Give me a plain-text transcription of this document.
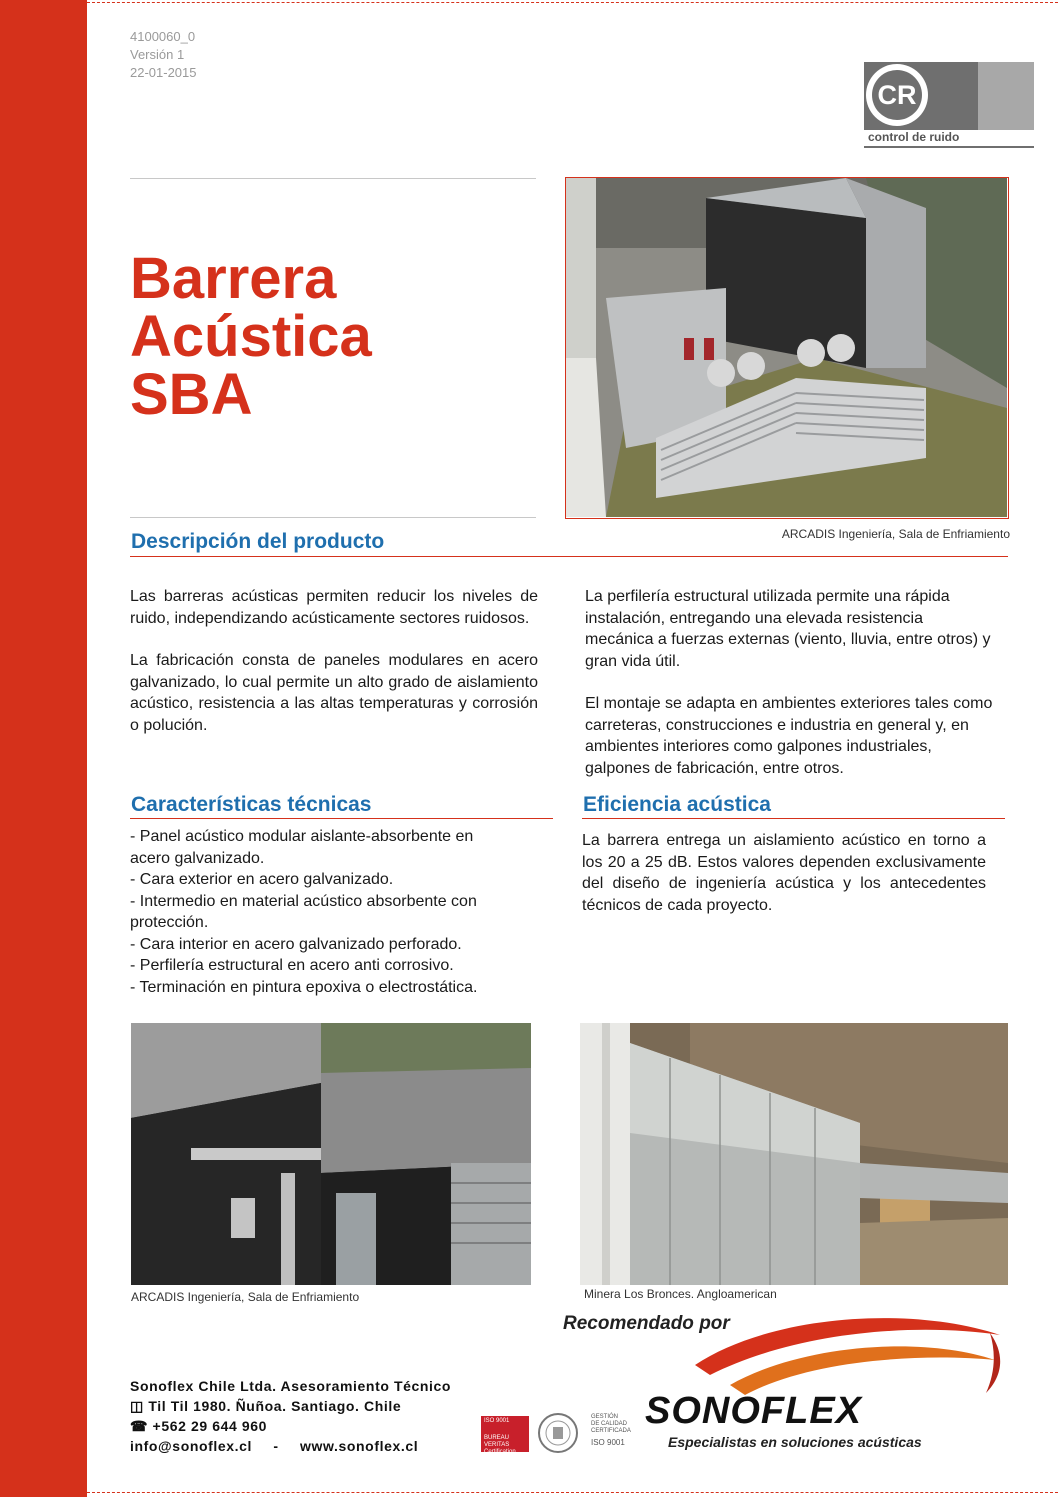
4100060_0
Versión 1
22-01-2015
CR
control de ruido
Barrera
Acústica
SBA
ARCADIS Ingeniería, Sala de Enfriamiento
Descripción del producto

Las barreras acústicas permiten reducir los niveles de ruido, independizando acústicamente sectores ruidosos.

La fabricación consta de paneles modulares en acero galvanizado, lo cual permite un alto grado de aislamiento acústico, resistencia a las altas temperaturas y corrosión o polución.

La perfilería estructural utilizada permite una rápida instalación, entregando una elevada resistencia mecánica a fuerzas externas (viento, lluvia, entre otros) y gran vida útil.

El montaje se adapta en ambientes exteriores tales como carreteras, construcciones e industria en general y, en ambientes interiores como galpones industriales, galpones de fabricación, entre otros.

Características técnicas
- Panel acústico modular aislante-absorbente en
acero galvanizado.
- Cara exterior en acero galvanizado.
- Intermedio en material acústico absorbente con
protección.
- Cara interior en acero galvanizado perforado.
- Perfilería estructural en acero anti corrosivo.
- Terminación en pintura epoxiva o electrostática.
Eficiencia acústica
La barrera entrega un aislamiento acústico en torno a los 20 a 25 dB. Estos valores dependen exclusivamente del diseño de ingeniería acústica y los antecedentes técnicos de cada proyecto.
ARCADIS Ingeniería, Sala de Enfriamiento	Minera Los Bronces. Angloamerican
Recomendado por
SONOFLEX
Especialistas en soluciones acústicas
ISO 9001
BUREAU VERITAS
Certification
GESTIÓN
DE CALIDAD
CERTIFICADA
ISO 9001
Sonoflex Chile Ltda. Asesoramiento Técnico
◫ Til Til 1980. Ñuñoa. Santiago. Chile
☎ +562 29 644 960
info@sonoflex.cl - www.sonoflex.cl
